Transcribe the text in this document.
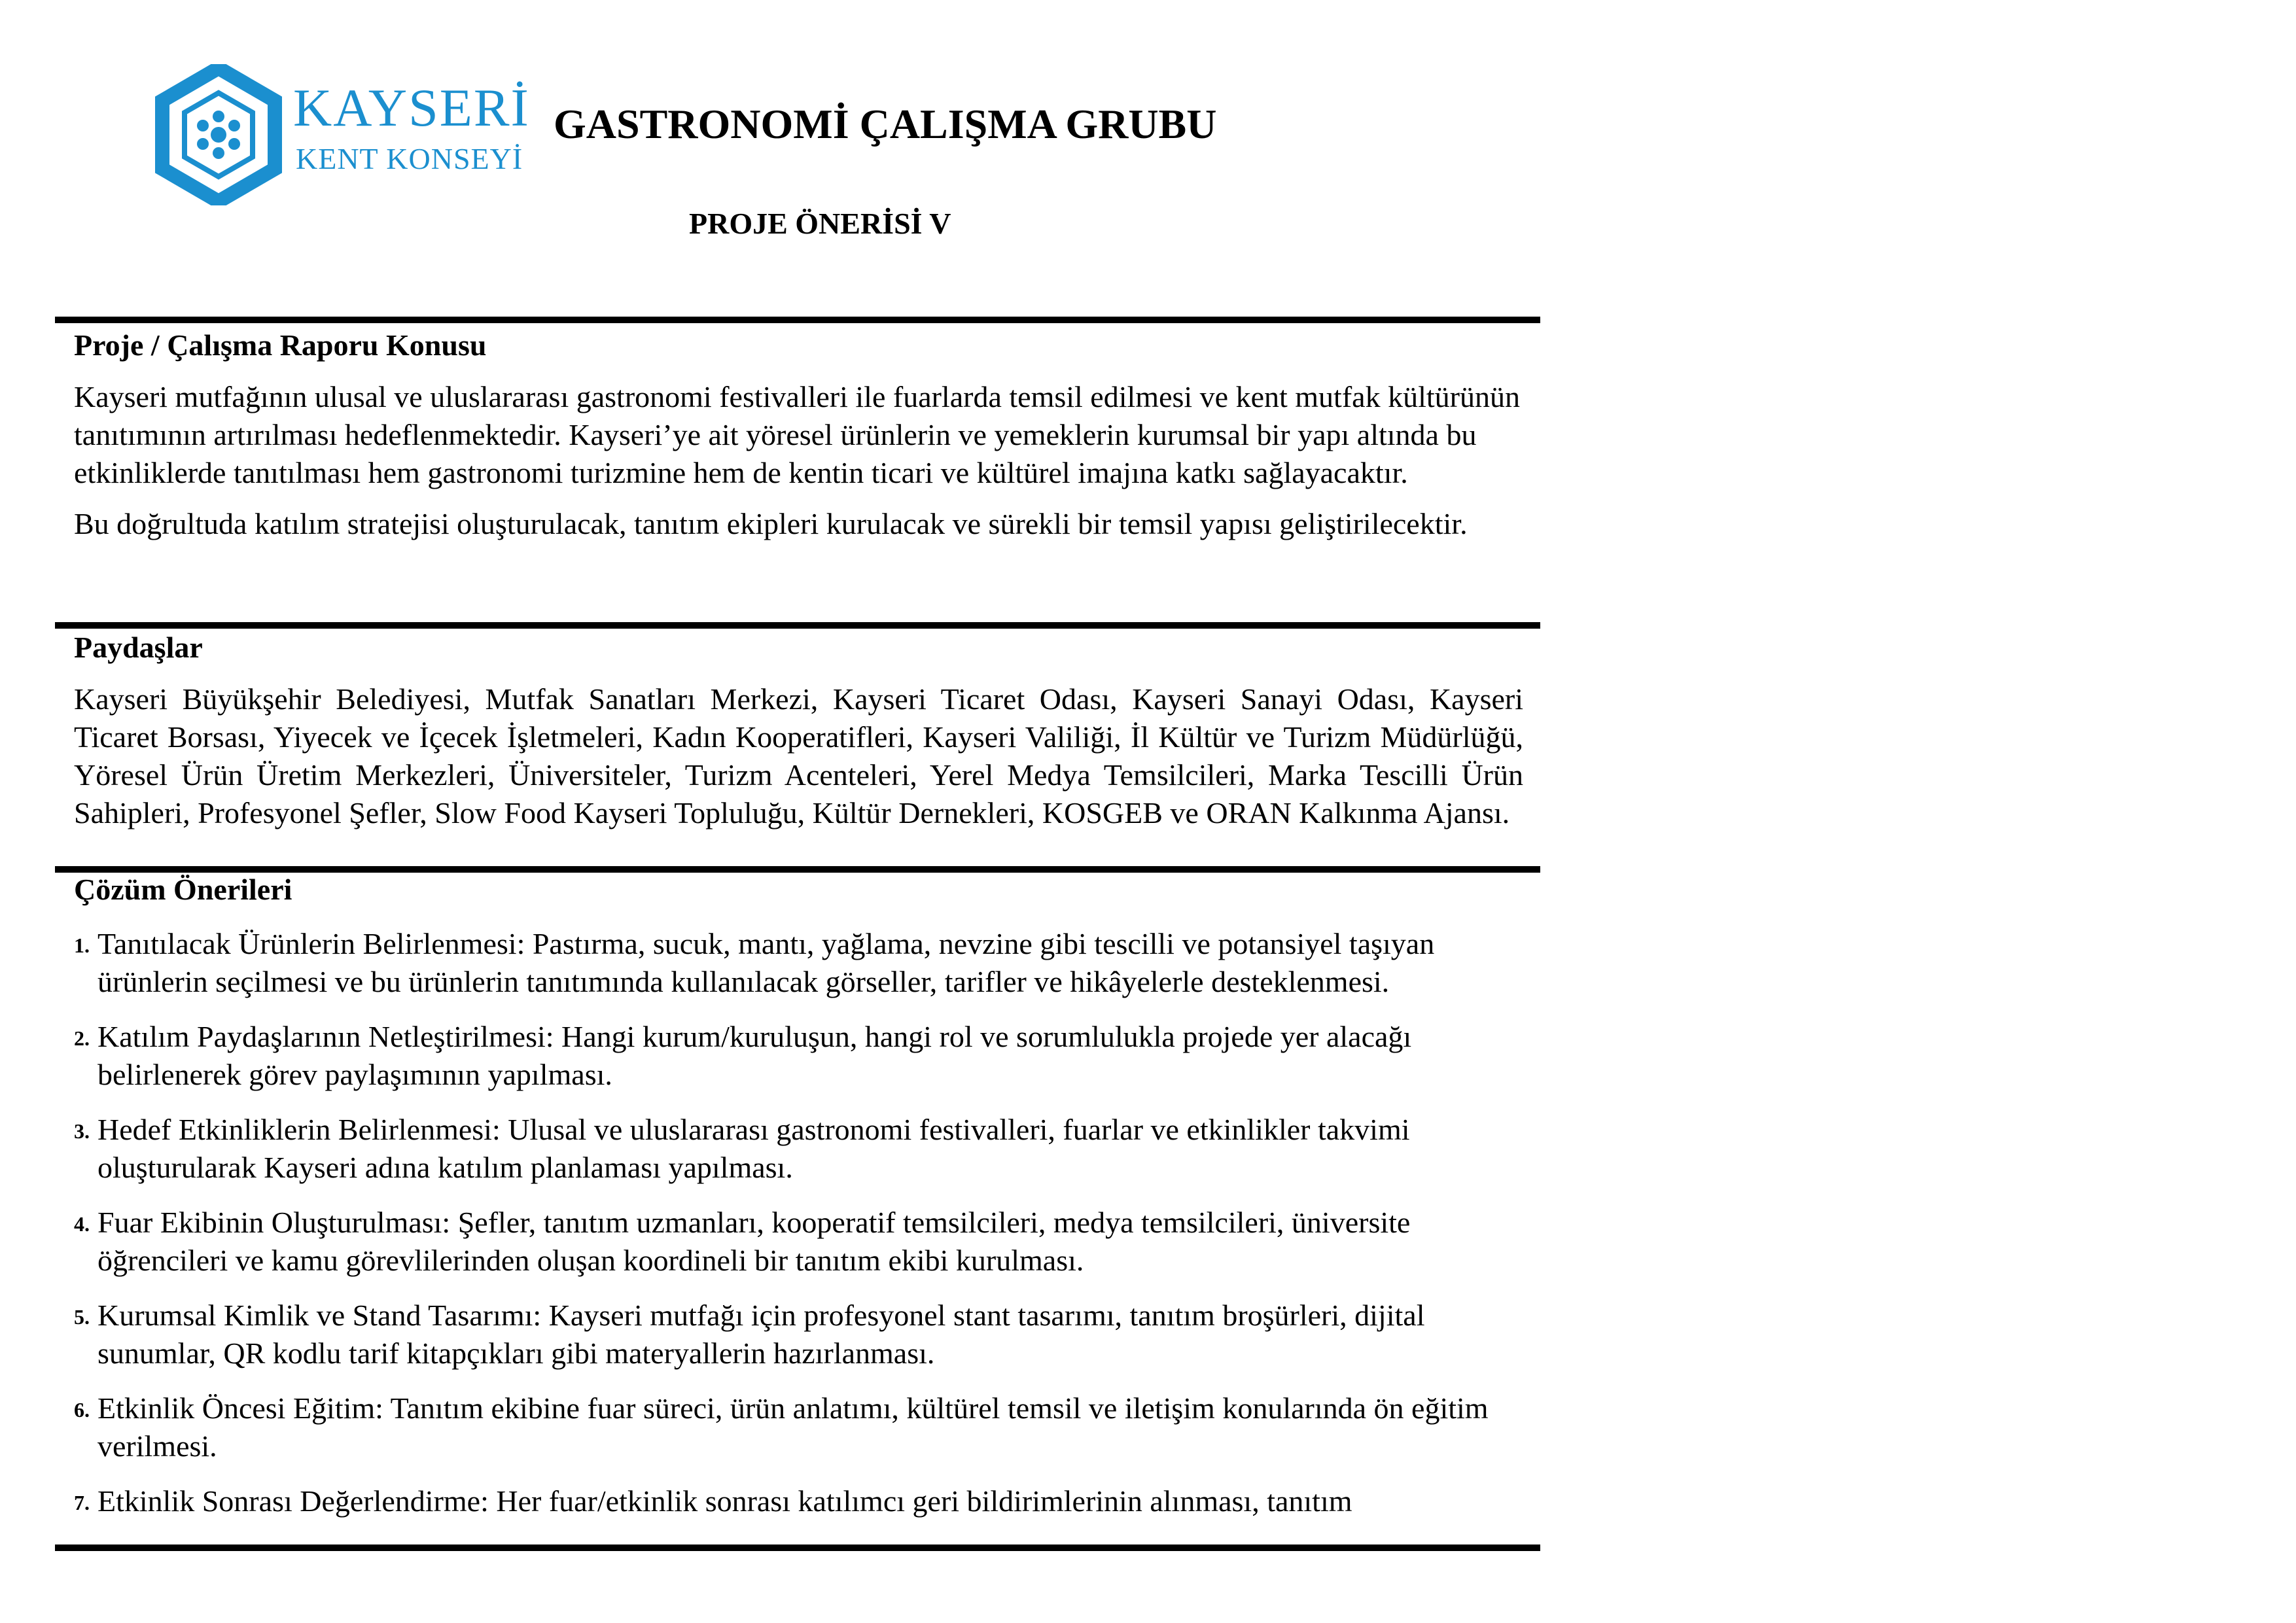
KAYSERİ
KENT KONSEYİ
GASTRONOMİ ÇALIŞMA GRUBU
PROJE ÖNERİSİ V

Proje / Çalışma Raporu Konusu

Kayseri mutfağının ulusal ve uluslararası gastronomi festivalleri ile fuarlarda temsil edilmesi ve kent mutfak kültürünün tanıtımının artırılması hedeflenmektedir. Kayseri’ye ait yöresel ürünlerin ve yemeklerin kurumsal bir yapı altında bu etkinliklerde tanıtılması hem gastronomi turizmine hem de kentin ticari ve kültürel imajına katkı sağlayacaktır.

Bu doğrultuda katılım stratejisi oluşturulacak, tanıtım ekipleri kurulacak ve sürekli bir temsil yapısı geliştirilecektir.

Paydaşlar

Kayseri Büyükşehir Belediyesi, Mutfak Sanatları Merkezi, Kayseri Ticaret Odası, Kayseri Sanayi Odası, Kayseri Ticaret Borsası, Yiyecek ve İçecek İşletmeleri, Kadın Kooperatifleri, Kayseri Valiliği, İl Kültür ve Turizm Müdürlüğü, Yöresel Ürün Üretim Merkezleri, Üniversiteler, Turizm Acenteleri, Yerel Medya Temsilcileri, Marka Tescilli Ürün Sahipleri, Profesyonel Şefler, Slow Food Kayseri Topluluğu, Kültür Dernekleri, KOSGEB ve ORAN Kalkınma Ajansı.

Çözüm Önerileri

1. Tanıtılacak Ürünlerin Belirlenmesi: Pastırma, sucuk, mantı, yağlama, nevzine gibi tescilli ve potansiyel taşıyan ürünlerin seçilmesi ve bu ürünlerin tanıtımında kullanılacak görseller, tarifler ve hikâyelerle desteklenmesi.
2. Katılım Paydaşlarının Netleştirilmesi: Hangi kurum/kuruluşun, hangi rol ve sorumlulukla projede yer alacağı belirlenerek görev paylaşımının yapılması.
3. Hedef Etkinliklerin Belirlenmesi: Ulusal ve uluslararası gastronomi festivalleri, fuarlar ve etkinlikler takvimi oluşturularak Kayseri adına katılım planlaması yapılması.
4. Fuar Ekibinin Oluşturulması: Şefler, tanıtım uzmanları, kooperatif temsilcileri, medya temsilcileri, üniversite öğrencileri ve kamu görevlilerinden oluşan koordineli bir tanıtım ekibi kurulması.
5. Kurumsal Kimlik ve Stand Tasarımı: Kayseri mutfağı için profesyonel stant tasarımı, tanıtım broşürleri, dijital sunumlar, QR kodlu tarif kitapçıkları gibi materyallerin hazırlanması.
6. Etkinlik Öncesi Eğitim: Tanıtım ekibine fuar süreci, ürün anlatımı, kültürel temsil ve iletişim konularında ön eğitim verilmesi.
7. Etkinlik Sonrası Değerlendirme: Her fuar/etkinlik sonrası katılımcı geri bildirimlerinin alınması, tanıtım
